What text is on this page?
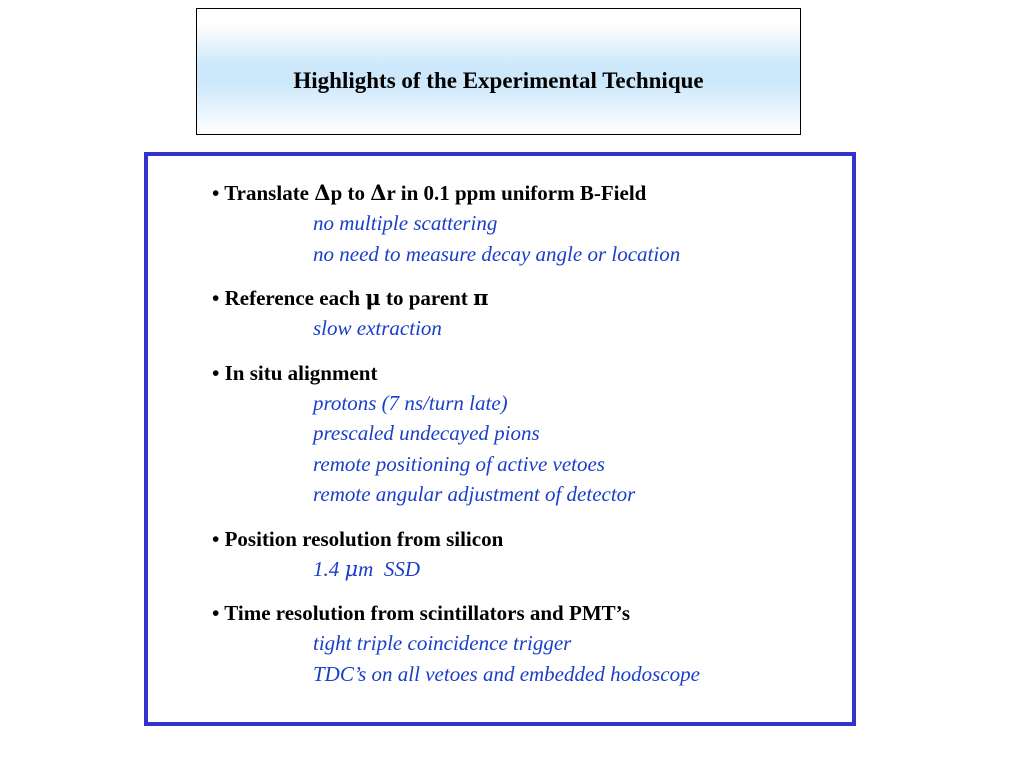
Highlights of the Experimental Technique
• Translate Δp to Δr in 0.1 ppm uniform B-Field
no multiple scattering
no need to measure decay angle or location
• Reference each μ to parent π
slow extraction
• In situ alignment
protons (7 ns/turn late)
prescaled undecayed pions
remote positioning of active vetoes
remote angular adjustment of detector
• Position resolution from silicon
1.4 μm  SSD
• Time resolution from scintillators and PMT’s
tight triple coincidence trigger
TDC’s on all vetoes and embedded hodoscope
